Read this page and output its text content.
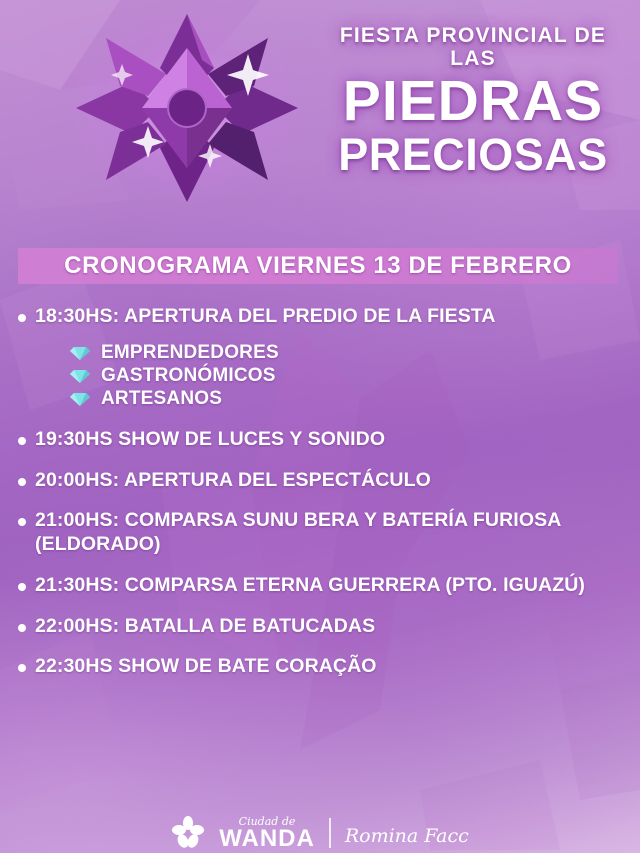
FIESTA PROVINCIAL DE LAS
PIEDRAS
PRECIOSAS
CRONOGRAMA VIERNES 13 DE FEBRERO
18:30HS: APERTURA DEL PREDIO DE LA FIESTA
EMPRENDEDORES
GASTRONÓMICOS
ARTESANOS
19:30HS SHOW DE LUCES Y SONIDO
20:00HS: APERTURA DEL ESPECTÁCULO
21:00HS: COMPARSA SUNU BERA Y BATERÍA FURIOSA (ELDORADO)
21:30HS: COMPARSA ETERNA GUERRERA (PTO. IGUAZÚ)
22:00HS: BATALLA DE BATUCADAS
22:30HS SHOW DE BATE CORAÇÃO
Ciudad de
WANDA Romina Facc
